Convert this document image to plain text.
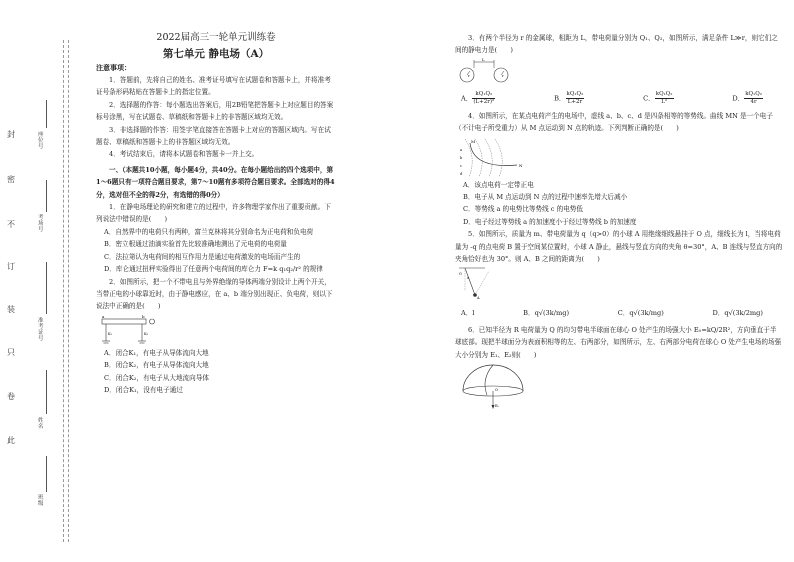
封
密
不
订
装
只
卷
此
座位号
考场号
准考证号
姓名
班级

2022届高三一轮单元训练卷

第七单元 静电场（A）

注意事项：

1．答题前，先将自己的姓名、准考证号填写在试题卷和答题卡上，并将准考证号条形码粘贴在答题卡上的指定位置。

2．选择题的作答：每小题选出答案后，用2B铅笔把答题卡上对应题目的答案标号涂黑，写在试题卷、草稿纸和答题卡上的非答题区域均无效。

3．非选择题的作答：用签字笔直接答在答题卡上对应的答题区域内。写在试题卷、草稿纸和答题卡上的非答题区域均无效。

4．考试结束后，请将本试题卷和答题卡一并上交。

一、（本题共10小题，每小题4分，共40分。在每小题给出的四个选项中，第1～6题只有一项符合题目要求，第7～10题有多项符合题目要求。全部选对的得4分，选对但不全的得2分，有选错的得0分）

1．在静电场理论的研究和建立的过程中，许多物理学家作出了重要贡献。下列说法中错误的是(　　)

A．自然界中的电荷只有两种，富兰克林将其分别命名为正电荷和负电荷

B．密立根通过油滴实验首先比较准确地测出了元电荷的电荷量

C．法拉第认为电荷间的相互作用力是通过电荷激发的电场而产生的

D．库仑通过扭秤实验得出了任意两个电荷间的库仑力 F=k q₁q₂/r² 的规律

2．如图所示，把一个不带电且与外界绝缘的导体两端分别设计上两个开关，当带正电的小球靠近时，由于静电感应，在 a、b 端分别出现正、负电荷，则以下说法中正确的是(　　)

a	b
K₁	K₂

A．闭合K₁，有电子从导体流向大地

B．闭合K₂，有电子从导体流向大地

C．闭合K₂，有电子从大地流向导体

D．闭合K₁，没有电子通过

3．有两个半径为 r 的金属球，相距为 L，带电荷量分别为 Q₁、Q₂，如图所示，满足条件 L≫r，则它们之间的静电力是(　　)

L
r	r
A． $\frac{\text{kQ₁Q₂}}{\text{(L+2r)²}}$	B． $\frac{\text{kQ₁Q₂}}{L+2r}$	C． $\frac{\text{kQ₁Q₂}}{\text{L²}}$	D． $\frac{\text{kQ₁Q₂}}{4r}$

4．如图所示，在某点电荷产生的电场中，虚线 a、b、c、d 是四条相等的等势线。曲线 MN 是一个电子（不计电子所受重力）从 M 点运动到 N 点的轨迹。下列判断正确的是(　　)

M
a
b
c
d
N

A．该点电荷一定带正电

B．电子从 M 点运动到 N 点的过程中速率先增大后减小

C．等势线 a 的电势比等势线 c 的电势低

D．电子经过等势线 a 的加速度小于经过等势线 b 的加速度

5．如图所示，质量为 m、带电荷量为 q（q>0）的小球 A 用绝缘细线悬挂于 O 点，细线长为 l，当将电荷量为 -q 的点电荷 B 置于空间某位置时，小球 A 静止，悬线与竖直方向的夹角 θ=30°，A、B 连线与竖直方向的夹角恰好也为 30°。则 A、B 之间的距离为(　　)

O
A
θ
A．l	B．q√(3k/mg)	C．q√(3k/mg)	D．q√(3k/2mg)

6．已知半径为 R 电荷量为 Q 的均匀带电半球面在球心 O 处产生的场强大小 E₀=kQ/2R²，方向垂直于半球底部。现把半球面分为表面积相等的左、右两部分，如图所示，左、右两部分电荷在球心 O 处产生电场的场强大小分别为 E₁、E₂则(　　)

O
E₀
